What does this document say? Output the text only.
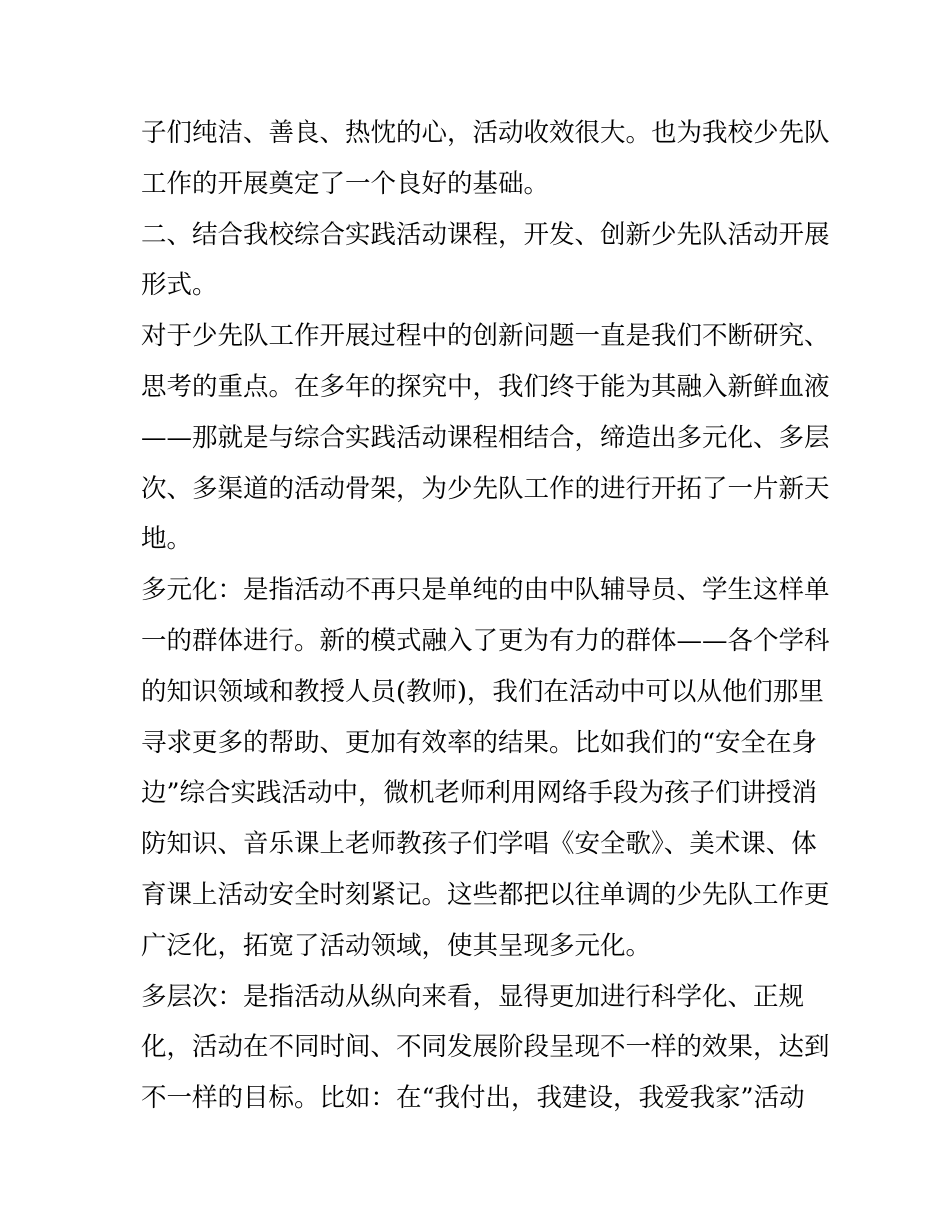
子们纯洁、善良、热忱的心，活动收效很大。也为我校少先队
工作的开展奠定了一个良好的基础。
二、结合我校综合实践活动课程，开发、创新少先队活动开展
形式。
对于少先队工作开展过程中的创新问题一直是我们不断研究、
思考的重点。在多年的探究中，我们终于能为其融入新鲜血液
——那就是与综合实践活动课程相结合，缔造出多元化、多层
次、多渠道的活动骨架，为少先队工作的进行开拓了一片新天
地。
多元化：是指活动不再只是单纯的由中队辅导员、学生这样单
一的群体进行。新的模式融入了更为有力的群体——各个学科
的知识领域和教授人员(教师)，我们在活动中可以从他们那里
寻求更多的帮助、更加有效率的结果。比如我们的“安全在身
边”综合实践活动中，微机老师利用网络手段为孩子们讲授消
防知识、音乐课上老师教孩子们学唱《安全歌》、美术课、体
育课上活动安全时刻紧记。这些都把以往单调的少先队工作更
广泛化，拓宽了活动领域，使其呈现多元化。
多层次：是指活动从纵向来看，显得更加进行科学化、正规
化，活动在不同时间、不同发展阶段呈现不一样的效果，达到
不一样的目标。比如：在“我付出，我建设，我爱我家”活动
